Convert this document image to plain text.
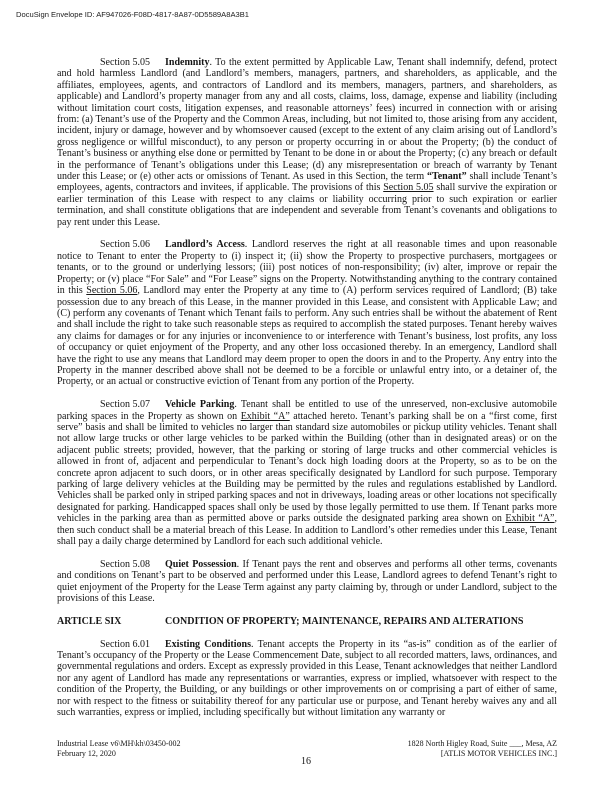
DocuSign Envelope ID: AF947026-F08D-4817-8A87-0D5589A8A3B1

Section 5.05 Indemnity. To the extent permitted by Applicable Law, Tenant shall indemnify, defend, protect and hold harmless Landlord (and Landlord’s members, managers, partners, and shareholders, as applicable, and the affiliates, employees, agents, and contractors of Landlord and its members, managers, partners, and shareholders, as applicable) and Landlord’s property manager from any and all costs, claims, loss, damage, expense and liability (including without limitation court costs, litigation expenses, and reasonable attorneys’ fees) incurred in connection with or arising from: (a) Tenant’s use of the Property and the Common Areas, including, but not limited to, those arising from any accident, incident, injury or damage, however and by whomsoever caused (except to the extent of any claim arising out of Landlord’s gross negligence or willful misconduct), to any person or property occurring in or about the Property; (b) the conduct of Tenant’s business or anything else done or permitted by Tenant to be done in or about the Property; (c) any breach or default in the performance of Tenant’s obligations under this Lease; (d) any misrepresentation or breach of warranty by Tenant under this Lease; or (e) other acts or omissions of Tenant. As used in this Section, the term “Tenant” shall include Tenant’s employees, agents, contractors and invitees, if applicable. The provisions of this Section 5.05 shall survive the expiration or earlier termination of this Lease with respect to any claims or liability occurring prior to such expiration or earlier termination, and shall constitute obligations that are independent and severable from Tenant’s covenants and obligations to pay rent under this Lease.

Section 5.06 Landlord’s Access. Landlord reserves the right at all reasonable times and upon reasonable notice to Tenant to enter the Property to (i) inspect it; (ii) show the Property to prospective purchasers, mortgagees or tenants, or to the ground or underlying lessors; (iii) post notices of non-responsibility; (iv) alter, improve or repair the Property; or (v) place “For Sale” and “For Lease” signs on the Property. Notwithstanding anything to the contrary contained in this Section 5.06, Landlord may enter the Property at any time to (A) perform services required of Landlord; (B) take possession due to any breach of this Lease, in the manner provided in this Lease, and consistent with Applicable Law; and (C) perform any covenants of Tenant which Tenant fails to perform. Any such entries shall be without the abatement of Rent and shall include the right to take such reasonable steps as required to accomplish the stated purposes. Tenant hereby waives any claims for damages or for any injuries or inconvenience to or interference with Tenant’s business, lost profits, any loss of occupancy or quiet enjoyment of the Property, and any other loss occasioned thereby. In an emergency, Landlord shall have the right to use any means that Landlord may deem proper to open the doors in and to the Property. Any entry into the Property in the manner described above shall not be deemed to be a forcible or unlawful entry into, or a detainer of, the Property, or an actual or constructive eviction of Tenant from any portion of the Property.

Section 5.07 Vehicle Parking. Tenant shall be entitled to use of the unreserved, non-exclusive automobile parking spaces in the Property as shown on Exhibit “A” attached hereto. Tenant’s parking shall be on a “first come, first serve” basis and shall be limited to vehicles no larger than standard size automobiles or pickup utility vehicles. Tenant shall not allow large trucks or other large vehicles to be parked within the Building (other than in designated areas) or on the adjacent public streets; provided, however, that the parking or storing of large trucks and other commercial vehicles is allowed in front of, adjacent and perpendicular to Tenant’s dock high loading doors at the Property, so as to be on the concrete apron adjacent to such doors, or in other areas specifically designated by Landlord for such purpose. Temporary parking of large delivery vehicles at the Building may be permitted by the rules and regulations established by Landlord. Vehicles shall be parked only in striped parking spaces and not in driveways, loading areas or other locations not specifically designated for parking. Handicapped spaces shall only be used by those legally permitted to use them. If Tenant parks more vehicles in the parking area than as permitted above or parks outside the designated parking area shown on Exhibit “A”, then such conduct shall be a material breach of this Lease. In addition to Landlord’s other remedies under this Lease, Tenant shall pay a daily charge determined by Landlord for each such additional vehicle.

Section 5.08 Quiet Possession. If Tenant pays the rent and observes and performs all other terms, covenants and conditions on Tenant’s part to be observed and performed under this Lease, Landlord agrees to defend Tenant’s right to quiet enjoyment of the Property for the Lease Term against any party claiming by, through or under Landlord, subject to the provisions of this Lease.

ARTICLE SIX	CONDITION OF PROPERTY; MAINTENANCE, REPAIRS AND ALTERATIONS

Section 6.01 Existing Conditions. Tenant accepts the Property in its “as-is” condition as of the earlier of Tenant’s occupancy of the Property or the Lease Commencement Date, subject to all recorded matters, laws, ordinances, and governmental regulations and orders. Except as expressly provided in this Lease, Tenant acknowledges that neither Landlord nor any agent of Landlord has made any representations or warranties, express or implied, whatsoever with respect to the condition of the Property, the Building, or any buildings or other improvements on or comprising a part of either of same, nor with respect to the fitness or suitability thereof for any particular use or purpose, and Tenant hereby waives any and all such warranties, express or implied, including specifically but without limitation any warranty or

Industrial Lease v6\MH\kh\03450-002
February 12, 2020
1828 North Higley Road, Suite ___, Mesa, AZ
[ATLIS MOTOR VEHICLES INC.]
16
